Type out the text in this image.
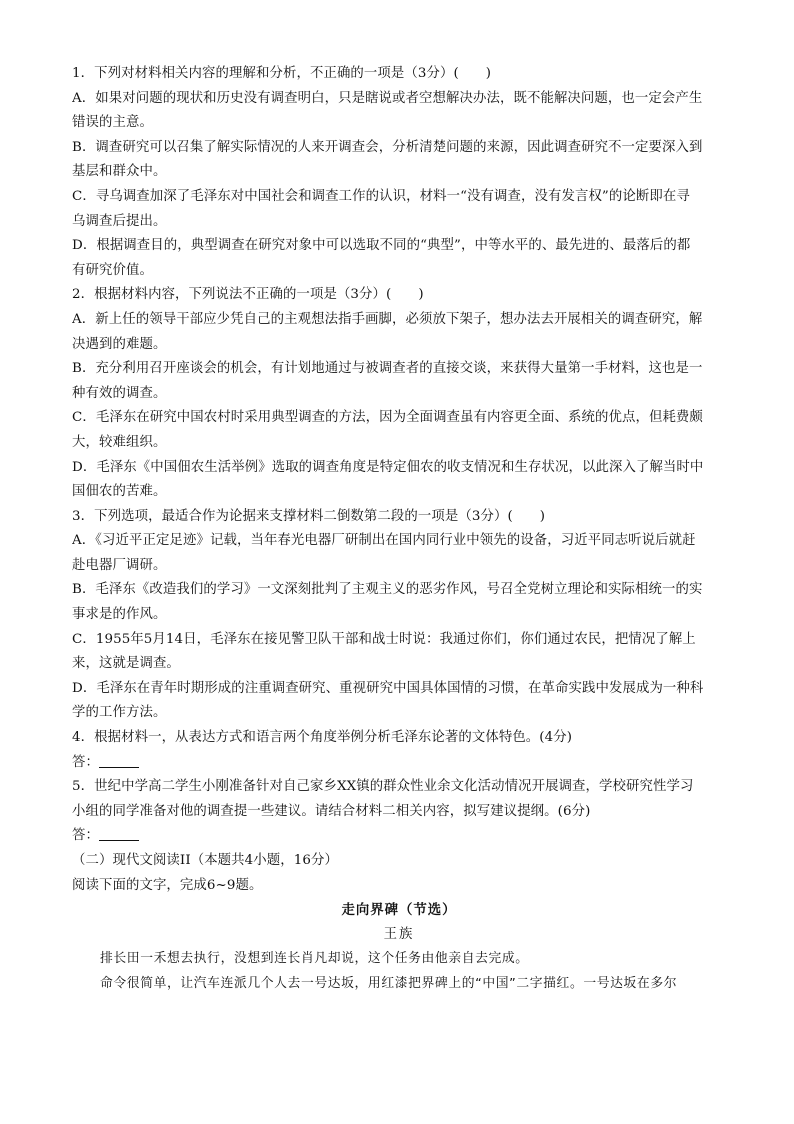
1．下列对材料相关内容的理解和分析，不正确的一项是（3分）(　　)
A．如果对问题的现状和历史没有调查明白，只是瞎说或者空想解决办法，既不能解决问题，也一定会产生
错误的主意。
B．调查研究可以召集了解实际情况的人来开调查会，分析清楚问题的来源，因此调查研究不一定要深入到
基层和群众中。
C．寻乌调查加深了毛泽东对中国社会和调查工作的认识，材料一“没有调查，没有发言权”的论断即在寻
乌调查后提出。
D．根据调查目的，典型调查在研究对象中可以选取不同的“典型”，中等水平的、最先进的、最落后的都
有研究价值。
2．根据材料内容，下列说法不正确的一项是（3分）(　　)
A．新上任的领导干部应少凭自己的主观想法指手画脚，必须放下架子，想办法去开展相关的调查研究，解
决遇到的难题。
B．充分利用召开座谈会的机会，有计划地通过与被调查者的直接交谈，来获得大量第一手材料，这也是一
种有效的调查。
C．毛泽东在研究中国农村时采用典型调查的方法，因为全面调查虽有内容更全面、系统的优点，但耗费颇
大，较难组织。
D．毛泽东《中国佃农生活举例》选取的调查角度是特定佃农的收支情况和生存状况，以此深入了解当时中
国佃农的苦难。
3．下列选项，最适合作为论据来支撑材料二倒数第二段的一项是（3分）(　　)
A．《习近平正定足迹》记载，当年春光电器厂研制出在国内同行业中领先的设备，习近平同志听说后就赶
赴电器厂调研。
B．毛泽东《改造我们的学习》一文深刻批判了主观主义的恶劣作风，号召全党树立理论和实际相统一的实
事求是的作风。
C．1955年5月14日，毛泽东在接见警卫队干部和战士时说：我通过你们，你们通过农民，把情况了解上
来，这就是调查。
D．毛泽东在青年时期形成的注重调查研究、重视研究中国具体国情的习惯，在革命实践中发展成为一种科
学的工作方法。
4．根据材料一，从表达方式和语言两个角度举例分析毛泽东论著的文体特色。(4分)
答：
5．世纪中学高二学生小刚准备针对自己家乡XX镇的群众性业余文化活动情况开展调查，学校研究性学习
小组的同学准备对他的调查提一些建议。请结合材料二相关内容，拟写建议提纲。(6分)
答：
（二）现代文阅读II（本题共4小题，16分）
阅读下面的文字，完成6~9题。
走向界碑（节选）
王族
排长田一禾想去执行，没想到连长肖凡却说，这个任务由他亲自去完成。
命令很简单，让汽车连派几个人去一号达坂，用红漆把界碑上的“中国”二字描红。一号达坂在多尔
